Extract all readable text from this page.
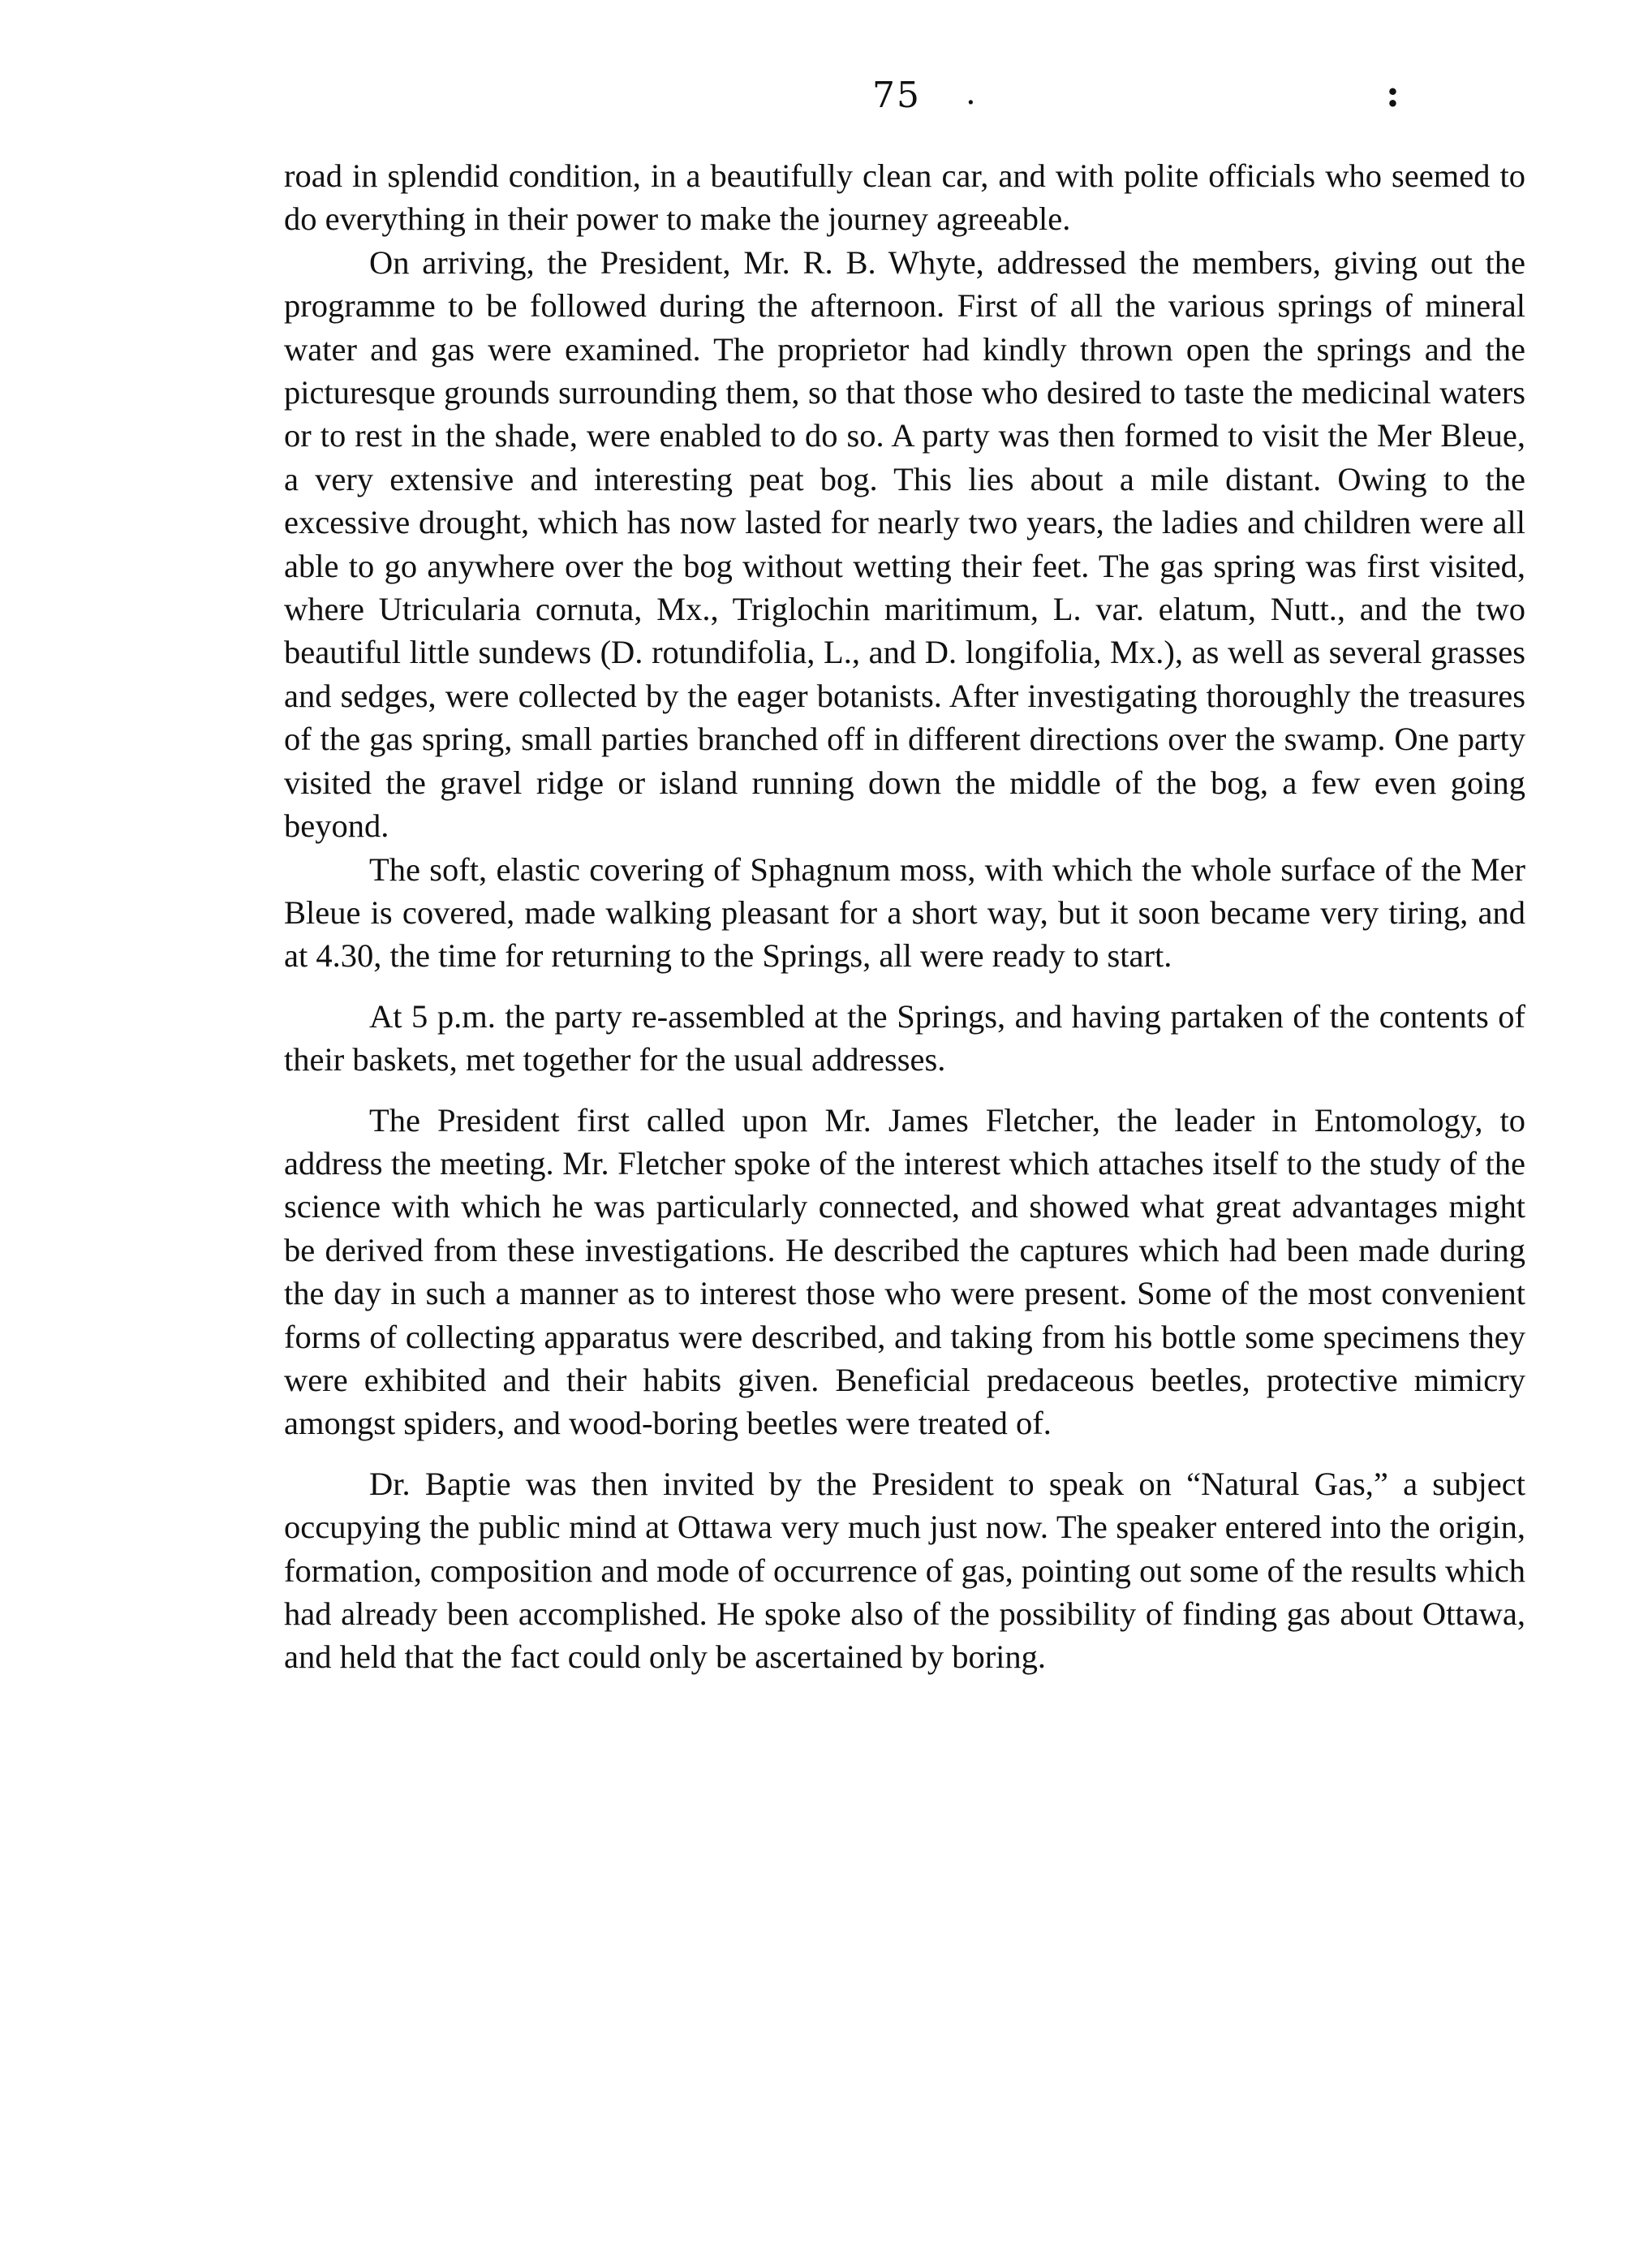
75 .	:

road in splendid condition, in a beautifully clean car, and with polite officials who seemed to do everything in their power to make the journey agreeable.

On arriving, the President, Mr. R. B. Whyte, addressed the members, giving out the programme to be followed during the afternoon. First of all the various springs of mineral water and gas were examined. The proprietor had kindly thrown open the springs and the picturesque grounds surrounding them, so that those who desired to taste the medicinal waters or to rest in the shade, were enabled to do so. A party was then formed to visit the Mer Bleue, a very extensive and interesting peat bog. This lies about a mile distant. Owing to the excessive drought, which has now lasted for nearly two years, the ladies and children were all able to go anywhere over the bog without wetting their feet. The gas spring was first visited, where Utricularia cornuta, Mx., Triglochin maritimum, L. var. elatum, Nutt., and the two beautiful little sundews (D. rotundifolia, L., and D. longifolia, Mx.), as well as several grasses and sedges, were collected by the eager botanists. After investigating thoroughly the treasures of the gas spring, small parties branched off in different directions over the swamp. One party visited the gravel ridge or island running down the middle of the bog, a few even going beyond.

The soft, elastic covering of Sphagnum moss, with which the whole surface of the Mer Bleue is covered, made walking pleasant for a short way, but it soon became very tiring, and at 4.30, the time for returning to the Springs, all were ready to start.

At 5 p.m. the party re-assembled at the Springs, and having partaken of the contents of their baskets, met together for the usual addresses.

The President first called upon Mr. James Fletcher, the leader in Entomology, to address the meeting. Mr. Fletcher spoke of the interest which attaches itself to the study of the science with which he was particularly connected, and showed what great advantages might be derived from these investigations. He described the captures which had been made during the day in such a manner as to interest those who were present. Some of the most convenient forms of collecting apparatus were described, and taking from his bottle some specimens they were exhibited and their habits given. Beneficial predaceous beetles, protective mimicry amongst spiders, and wood-boring beetles were treated of.

Dr. Baptie was then invited by the President to speak on “Natural Gas,” a subject occupying the public mind at Ottawa very much just now. The speaker entered into the origin, formation, composition and mode of occurrence of gas, pointing out some of the results which had already been accomplished. He spoke also of the possibility of finding gas about Ottawa, and held that the fact could only be ascertained by boring.
